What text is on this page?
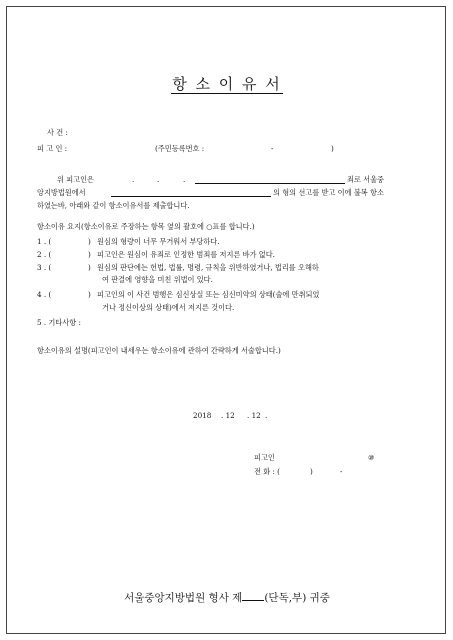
항 소 이 유 서
사 건 :
피 고 인 :	(주민등록번호 :	-	)
위 피고인은	.	.	.	죄로 서울중
앙지방법원에서	의 형의 선고를 받고 이에 불복 항소
하였는바, 아래와 같이 항소이유서를 제출합니다.
항소이유 요지(항소이유로 주장하는 항목 옆의 괄호에 ○표를 합니다.)
1 . (	) 원심의 형량이 너무 무거워서 부당하다.
2 . (	) 피고인은 원심이 유죄로 인정한 범죄를 저지른 바가 없다.
3 . (	) 원심의 판단에는 헌법, 법률, 명령, 규칙을 위반하였거나, 법리를 오해하
여 판결에 영향을 미친 위법이 있다.
4 . (	) 피고인의 이 사건 범행은 심신상실 또는 심신미약의 상태(술에 만취되었
거나 정신이상의 상태)에서 저지른 것이다.
5 . 기타사항 :
항소이유의 설명(피고인이 내세우는 항소이유에 관하여 간략하게 서술합니다.)
2018 . 12 . 12 .
피고인	⑩
전 화 : (	)	-
서울중앙지방법원 형사 제 (단독,부) 귀중
